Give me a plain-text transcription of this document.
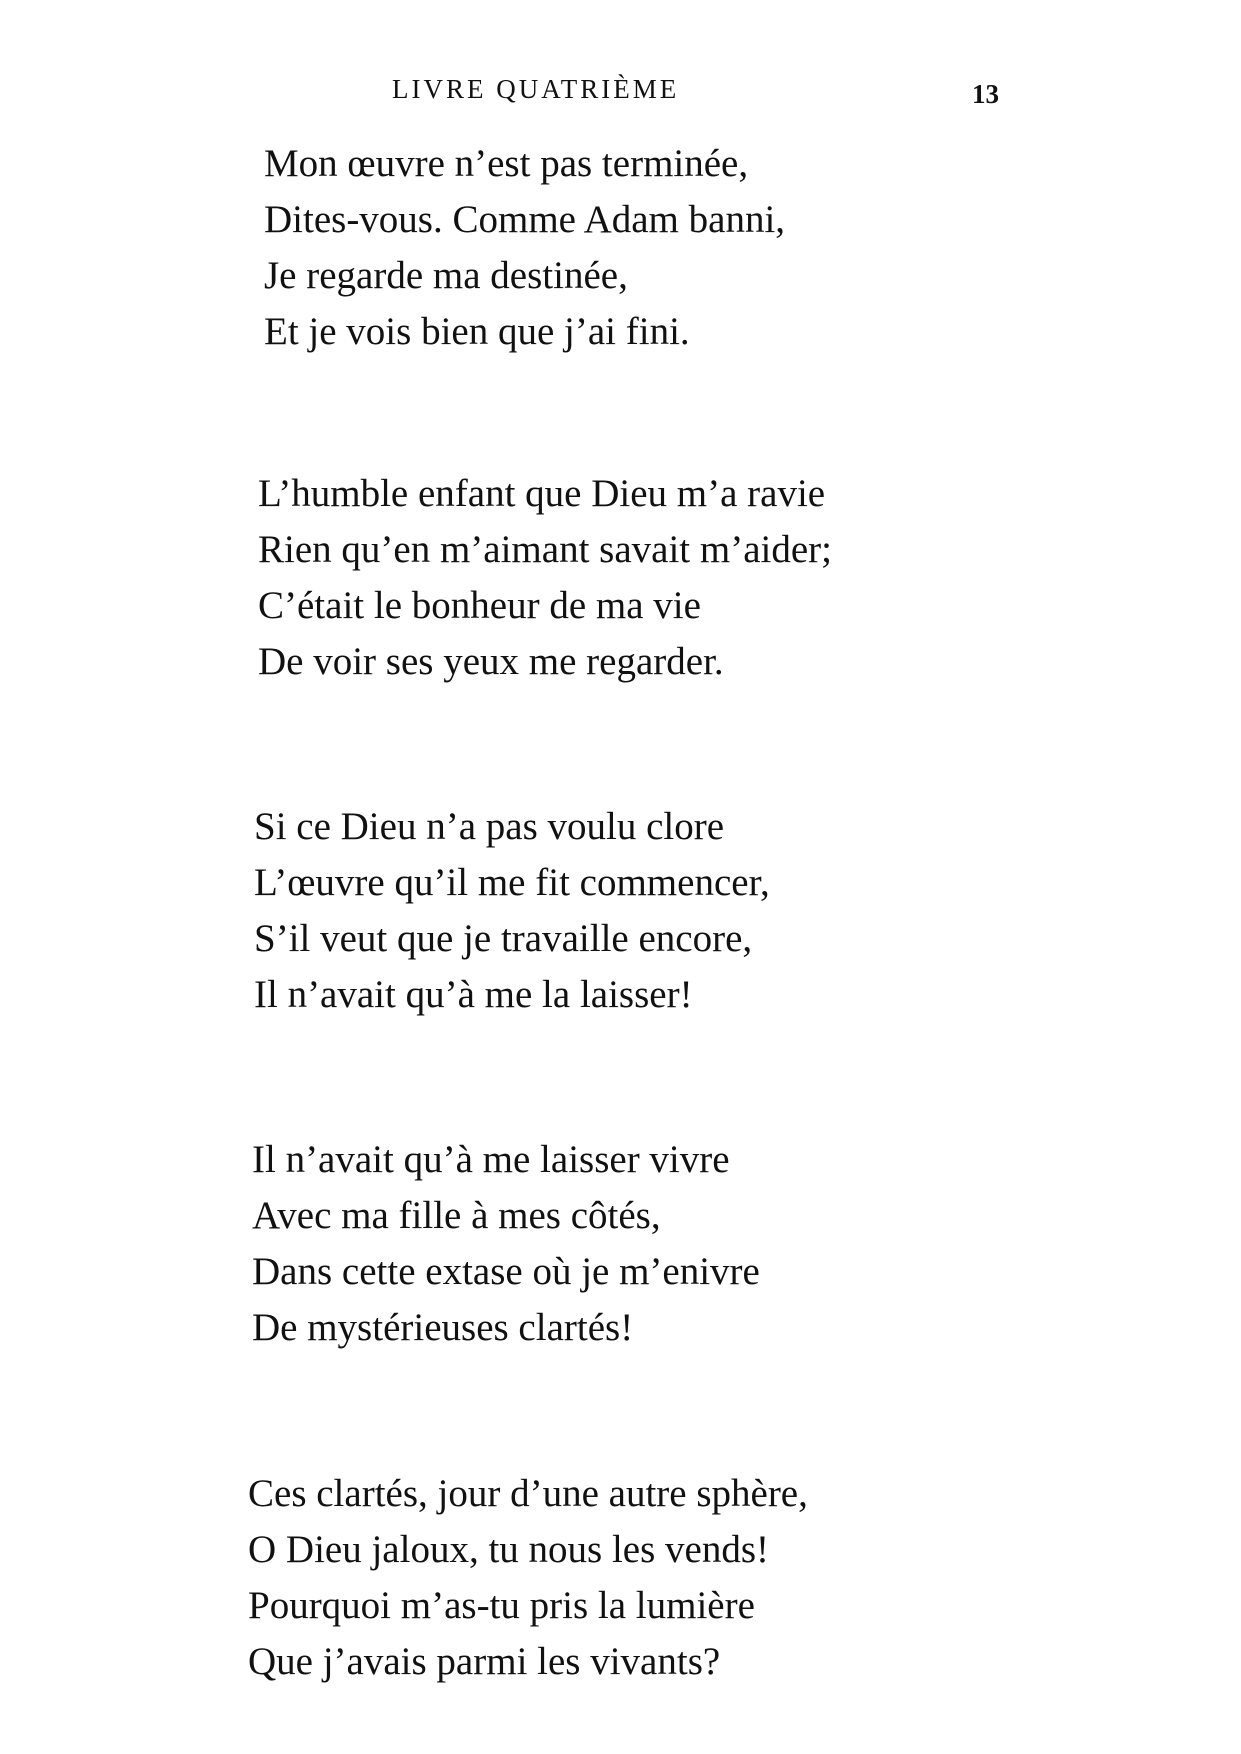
LIVRE QUATRIÈME	13
Mon œuvre n’est pas terminée,
Dites-vous. Comme Adam banni,
Je regarde ma destinée,
Et je vois bien que j’ai fini.
L’humble enfant que Dieu m’a ravie
Rien qu’en m’aimant savait m’aider;
C’était le bonheur de ma vie
De voir ses yeux me regarder.
Si ce Dieu n’a pas voulu clore
L’œuvre qu’il me fit commencer,
S’il veut que je travaille encore,
Il n’avait qu’à me la laisser!
Il n’avait qu’à me laisser vivre
Avec ma fille à mes côtés,
Dans cette extase où je m’enivre
De mystérieuses clartés!
Ces clartés, jour d’une autre sphère,
O Dieu jaloux, tu nous les vends!
Pourquoi m’as-tu pris la lumière
Que j’avais parmi les vivants?
